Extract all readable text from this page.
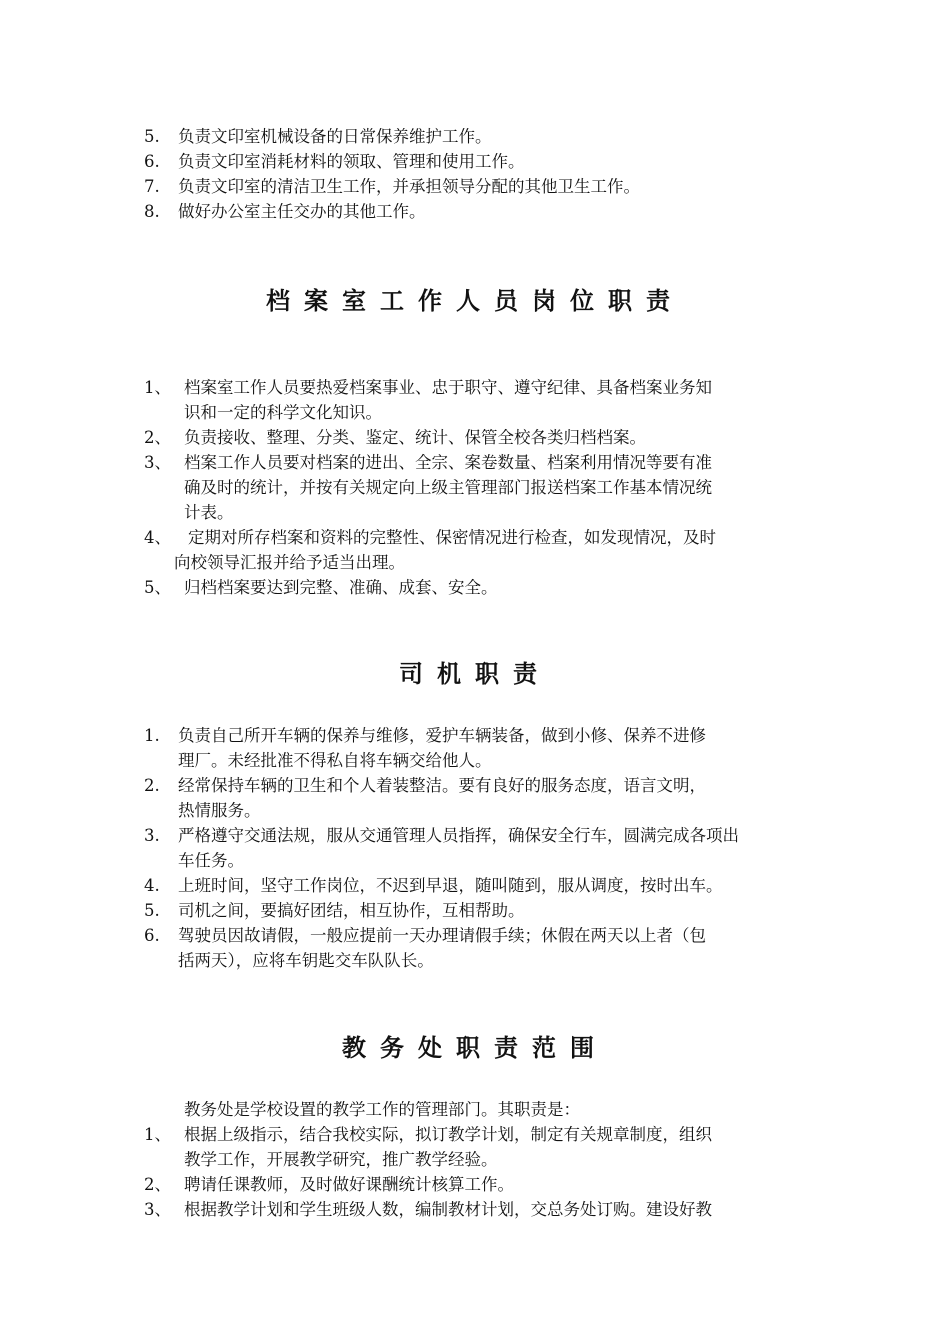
5. 负责文印室机械设备的日常保养维护工作。
6. 负责文印室消耗材料的领取、管理和使用工作。
7. 负责文印室的清洁卫生工作，并承担领导分配的其他卫生工作。
8. 做好办公室主任交办的其他工作。
档案室工作人员岗位职责
1、 档案室工作人员要热爱档案事业、忠于职守、遵守纪律、具备档案业务知
识和一定的科学文化知识。
2、 负责接收、整理、分类、鉴定、统计、保管全校各类归档档案。
3、 档案工作人员要对档案的进出、全宗、案卷数量、档案利用情况等要有准
确及时的统计，并按有关规定向上级主管理部门报送档案工作基本情况统
计表。
4、 定期对所存档案和资料的完整性、保密情况进行检查，如发现情况，及时
向校领导汇报并给予适当出理。
5、 归档档案要达到完整、准确、成套、安全。
司机职责
1. 负责自己所开车辆的保养与维修，爱护车辆装备，做到小修、保养不进修
理厂。未经批准不得私自将车辆交给他人。
2. 经常保持车辆的卫生和个人着装整洁。要有良好的服务态度，语言文明，
热情服务。
3. 严格遵守交通法规，服从交通管理人员指挥，确保安全行车，圆满完成各项出
车任务。
4. 上班时间，坚守工作岗位，不迟到早退，随叫随到，服从调度，按时出车。
5. 司机之间，要搞好团结，相互协作，互相帮助。
6. 驾驶员因故请假，一般应提前一天办理请假手续；休假在两天以上者（包
括两天），应将车钥匙交车队队长。
教务处职责范围
教务处是学校设置的教学工作的管理部门。其职责是：
1、 根据上级指示，结合我校实际，拟订教学计划，制定有关规章制度，组织
教学工作，开展教学研究，推广教学经验。
2、 聘请任课教师，及时做好课酬统计核算工作。
3、 根据教学计划和学生班级人数，编制教材计划，交总务处订购。建设好教
